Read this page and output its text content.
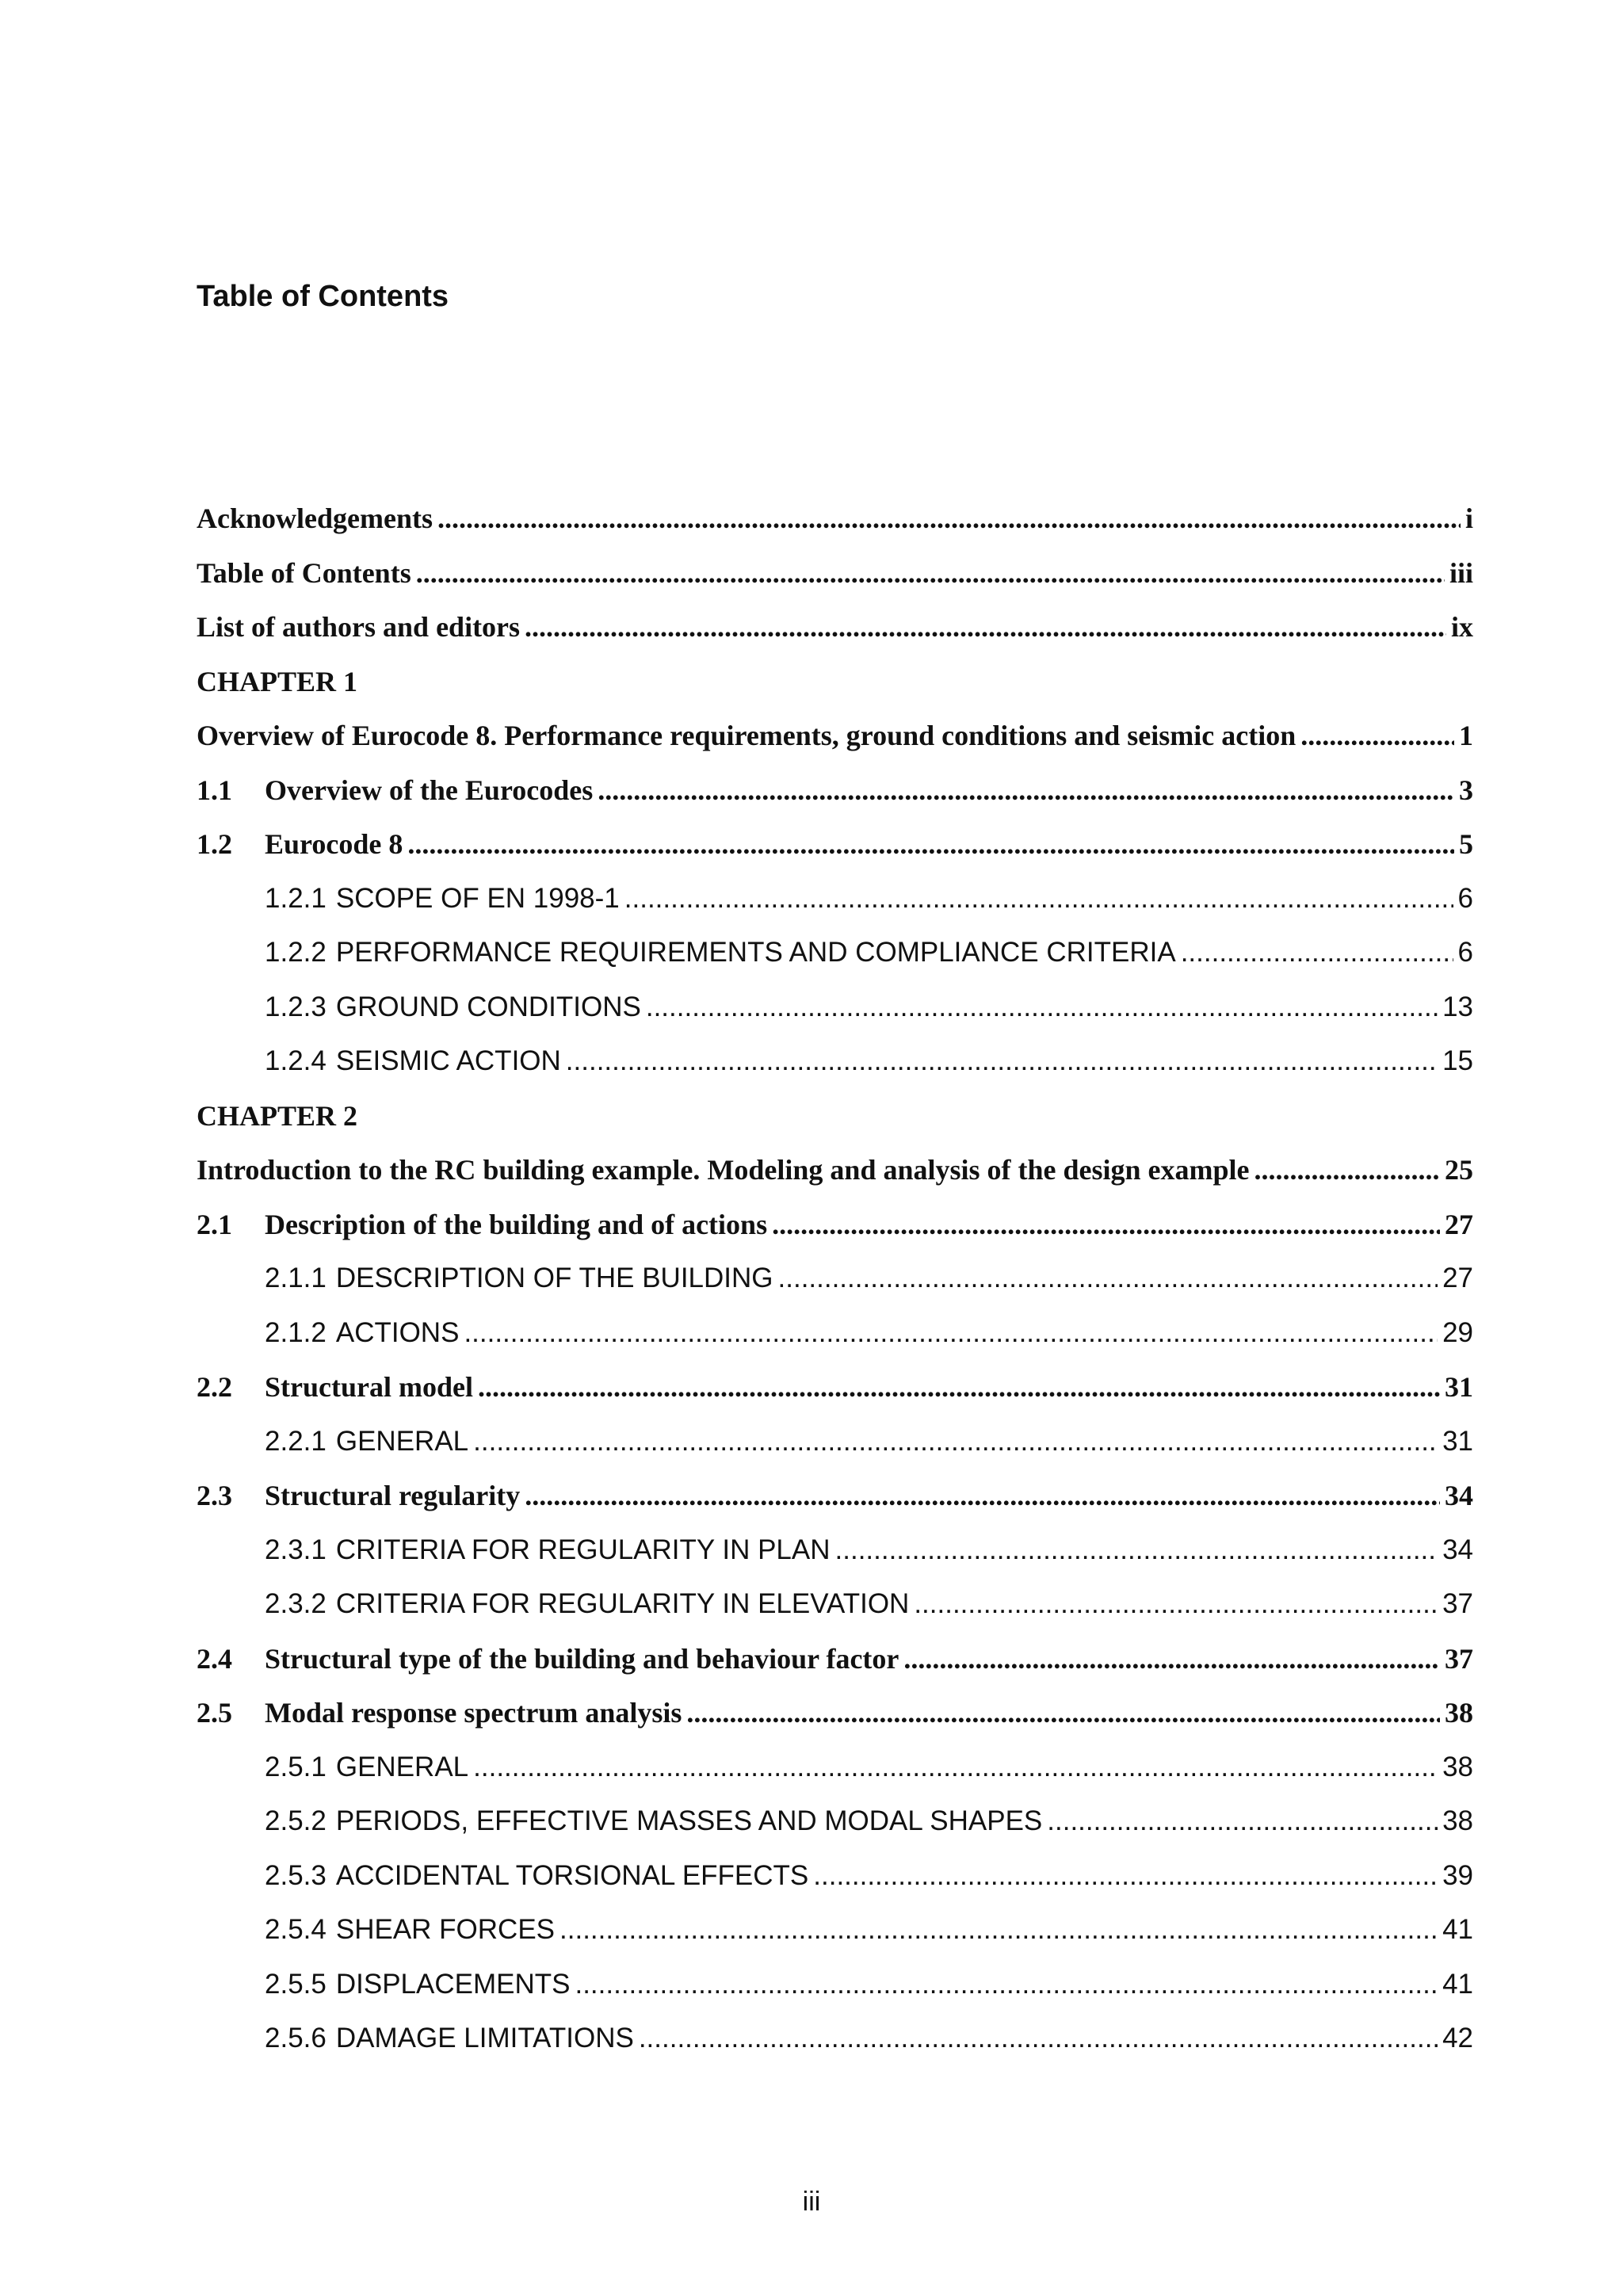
Table of Contents
Acknowledgements .....	i
Table of Contents .....	iii
List of authors and editors .....	ix
CHAPTER 1
Overview of Eurocode 8. Performance requirements, ground conditions and seismic action .....	1
1.1	Overview of the Eurocodes .....	3
1.2	Eurocode 8 .....	5
1.2.1 SCOPE OF EN 1998-1 .....	6
1.2.2 PERFORMANCE REQUIREMENTS AND COMPLIANCE CRITERIA .....	6
1.2.3 GROUND CONDITIONS .....	13
1.2.4 SEISMIC ACTION .....	15
CHAPTER 2
Introduction to the RC building example. Modeling and analysis of the design example .....	25
2.1	Description of the building and of actions .....	27
2.1.1 DESCRIPTION OF THE BUILDING .....	27
2.1.2 ACTIONS .....	29
2.2	Structural model .....	31
2.2.1 GENERAL .....	31
2.3	Structural regularity .....	34
2.3.1 CRITERIA FOR REGULARITY IN PLAN .....	34
2.3.2 CRITERIA FOR REGULARITY IN ELEVATION .....	37
2.4	Structural type of the building and behaviour factor .....	37
2.5	Modal response spectrum analysis .....	38
2.5.1 GENERAL .....	38
2.5.2 PERIODS, EFFECTIVE MASSES AND MODAL SHAPES .....	38
2.5.3 ACCIDENTAL TORSIONAL EFFECTS .....	39
2.5.4 SHEAR FORCES .....	41
2.5.5 DISPLACEMENTS .....	41
2.5.6 DAMAGE LIMITATIONS .....	42
iii
